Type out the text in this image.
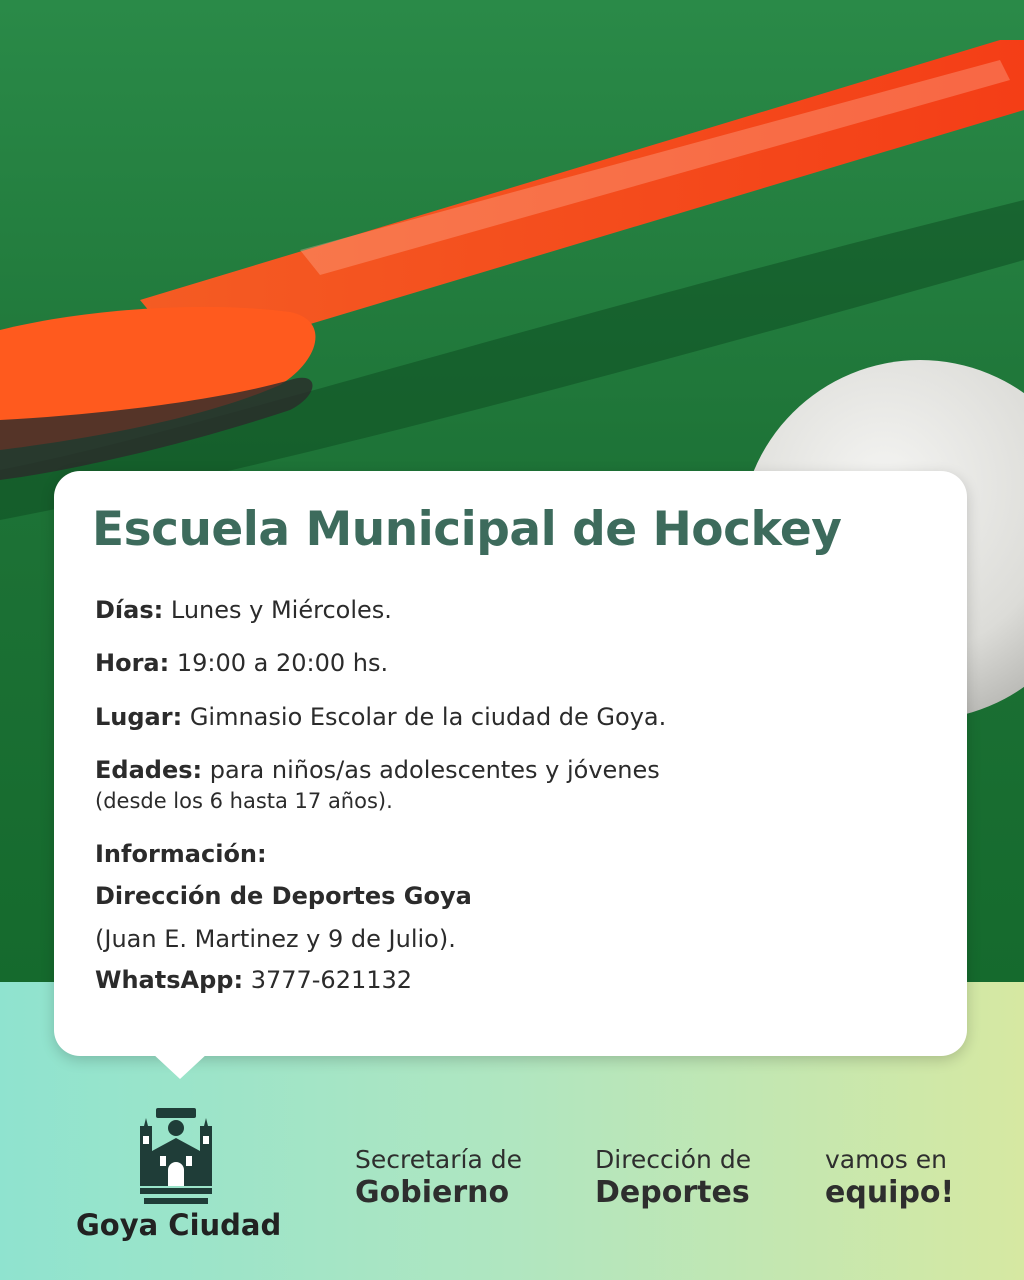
Escuela Municipal de Hockey
Días: Lunes y Miércoles.
Hora: 19:00 a 20:00 hs.
Lugar: Gimnasio Escolar de la ciudad de Goya.
Edades: para niños/as adolescentes y jóvenes
(desde los 6 hasta 17 años).
Información:
Dirección de Deportes Goya
(Juan E. Martinez y 9 de Julio).
WhatsApp: 3777-621132
Goya Ciudad
Secretaría de
Gobierno
Dirección de
Deportes
vamos en
equipo!
